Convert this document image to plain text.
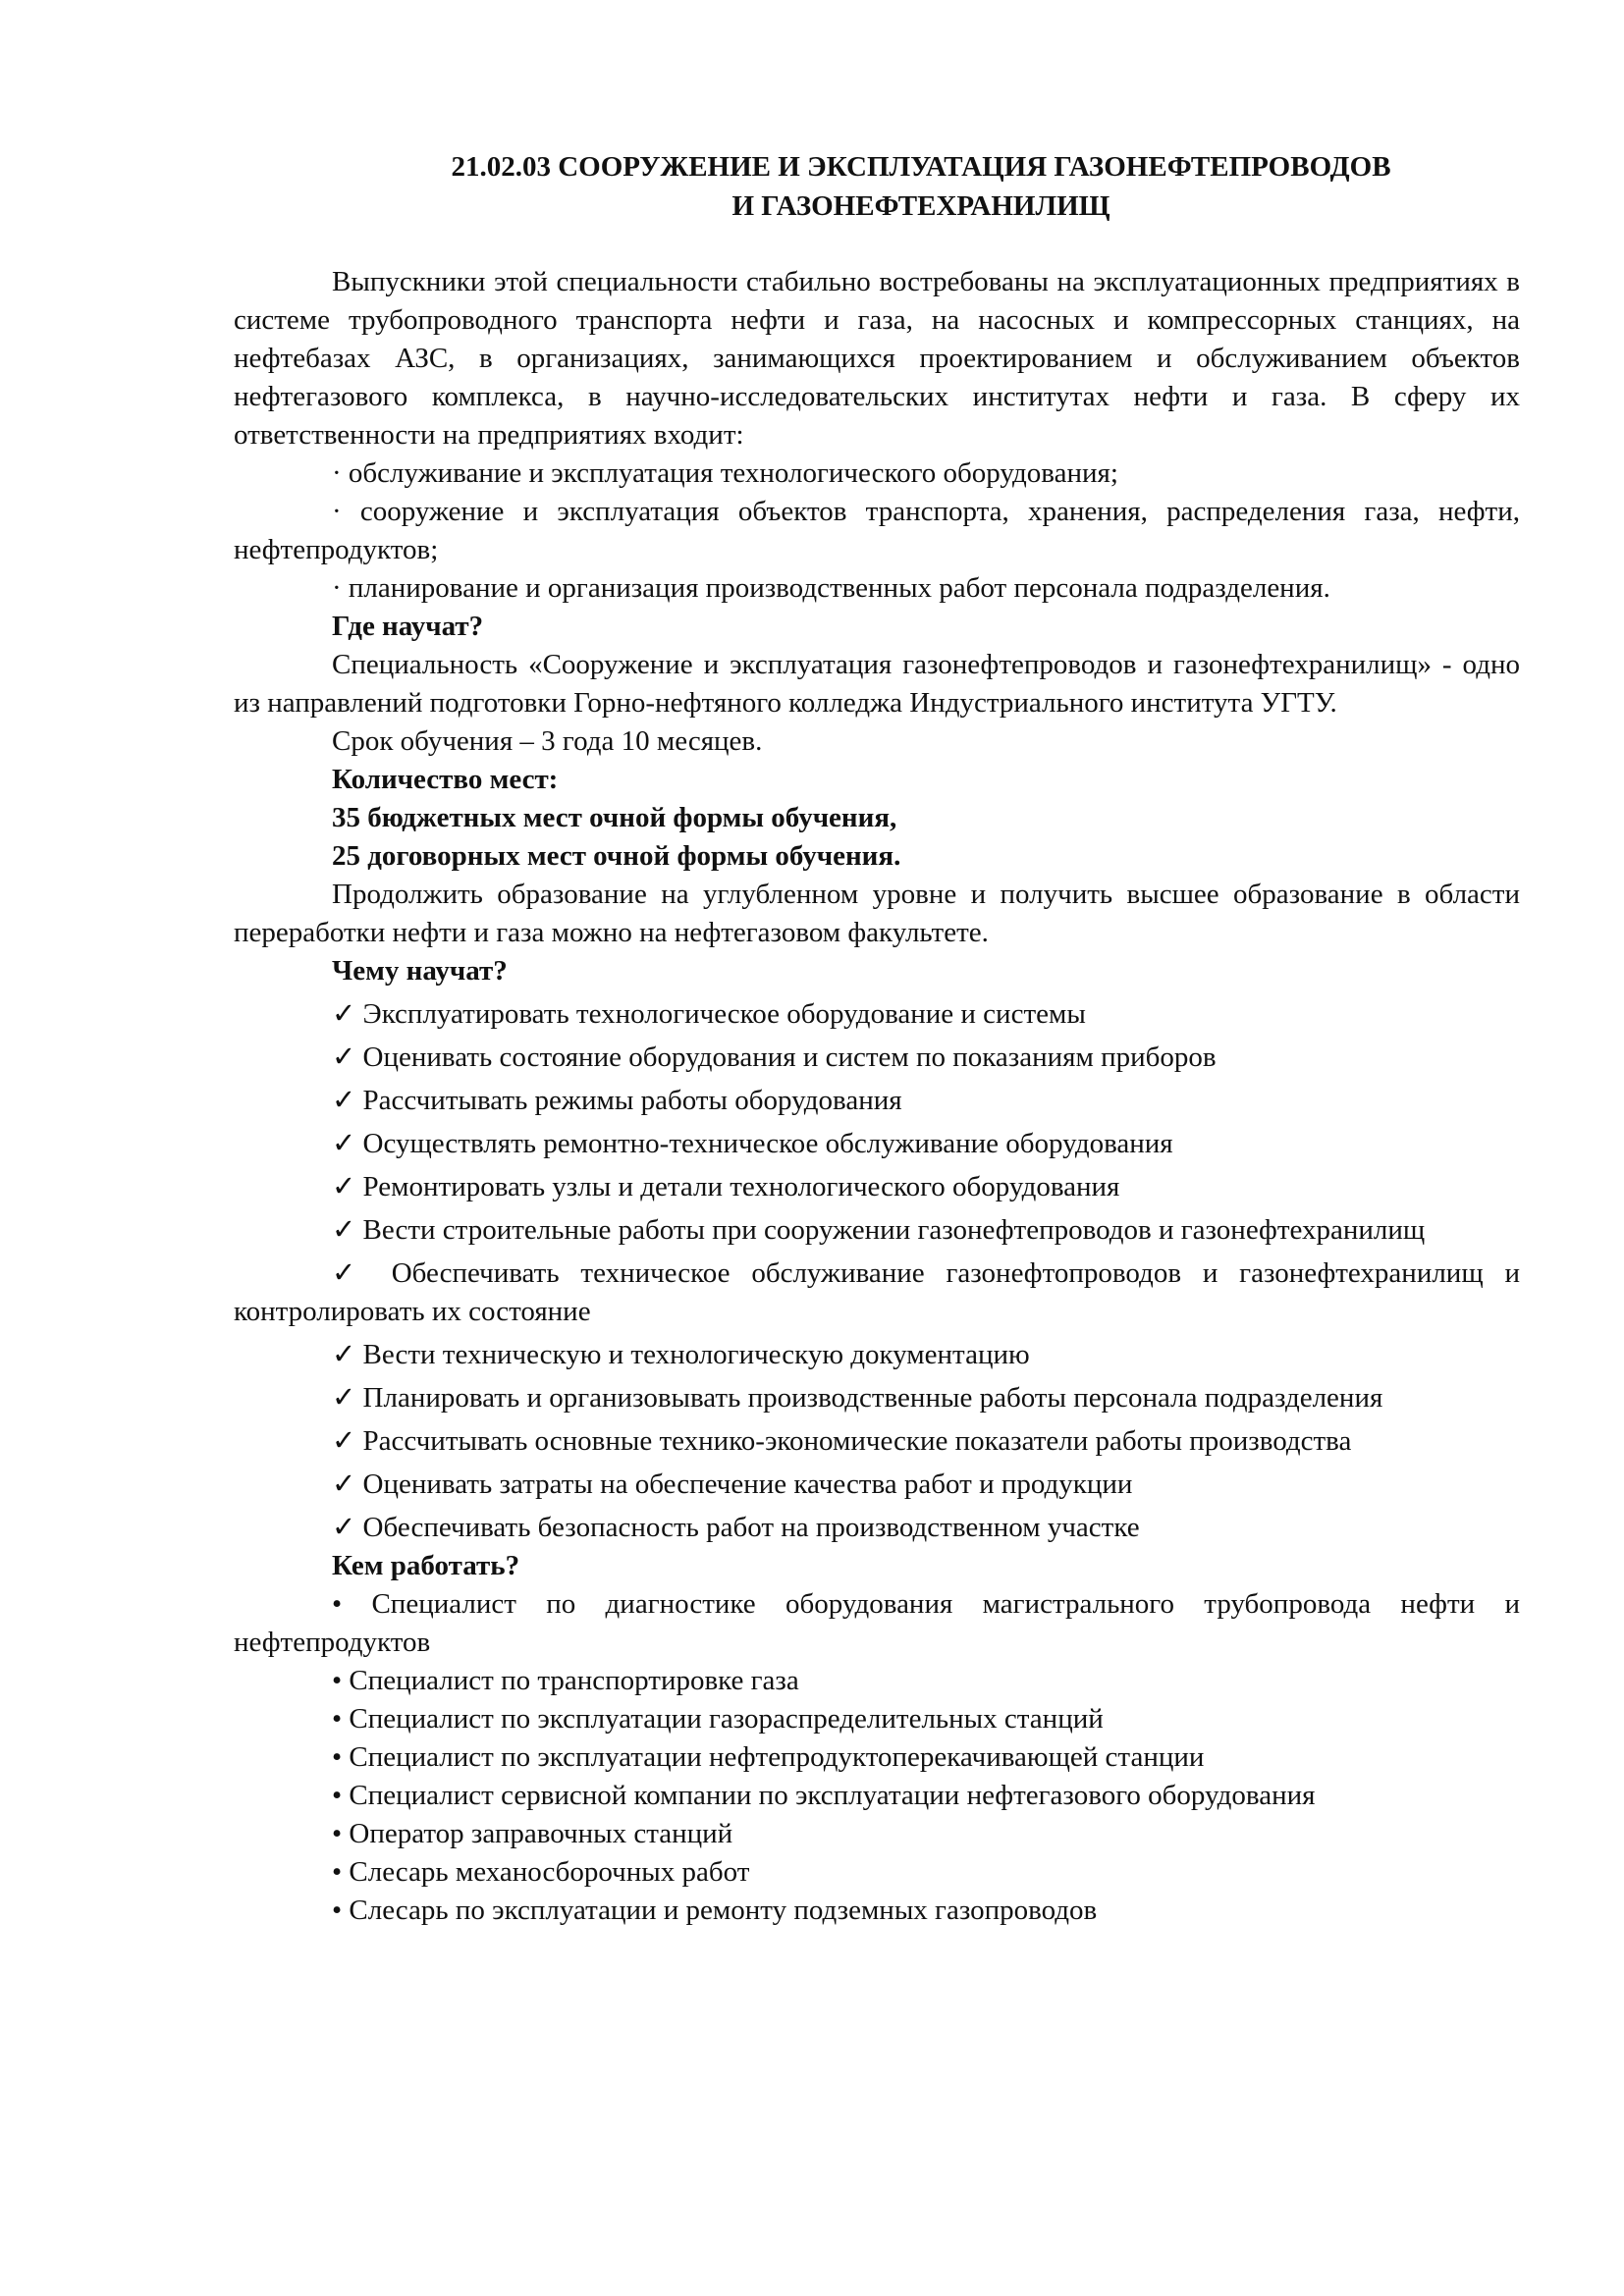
21.02.03 СООРУЖЕНИЕ И ЭКСПЛУАТАЦИЯ ГАЗОНЕФТЕПРОВОДОВ
И ГАЗОНЕФТЕХРАНИЛИЩ

Выпускники этой специальности стабильно востребованы на эксплуатационных предприятиях в системе трубопроводного транспорта нефти и газа, на насосных и компрессорных станциях, на нефтебазах АЗС, в организациях, занимающихся проектированием и обслуживанием объектов нефтегазового комплекса, в научно-исследовательских институтах нефти и газа. В сферу их ответственности на предприятиях входит:

· обслуживание и эксплуатация технологического оборудования;

· сооружение и эксплуатация объектов транспорта, хранения, распределения газа, нефти, нефтепродуктов;

· планирование и организация производственных работ персонала подразделения.

Где научат?

Специальность «Сооружение и эксплуатация газонефтепроводов и газонефтехранилищ» - одно из направлений подготовки Горно-нефтяного колледжа Индустриального института УГТУ.

Срок обучения – 3 года 10 месяцев.

Количество мест:

35 бюджетных мест очной формы обучения,

25 договорных мест очной формы обучения.

Продолжить образование на углубленном уровне и получить высшее образование в области переработки нефти и газа можно на нефтегазовом факультете.

Чему научат?

✓ Эксплуатировать технологическое оборудование и системы

✓ Оценивать состояние оборудования и систем по показаниям приборов

✓ Рассчитывать режимы работы оборудования

✓ Осуществлять ремонтно-техническое обслуживание оборудования

✓ Ремонтировать узлы и детали технологического оборудования

✓ Вести строительные работы при сооружении газонефтепроводов и газонефтехранилищ

✓ Обеспечивать техническое обслуживание газонефтопроводов и газонефтехранилищ и контролировать их состояние

✓ Вести техническую и технологическую документацию

✓ Планировать и организовывать производственные работы персонала подразделения

✓ Рассчитывать основные технико-экономические показатели работы производства

✓ Оценивать затраты на обеспечение качества работ и продукции

✓ Обеспечивать безопасность работ на производственном участке

Кем работать?

• Специалист по диагностике оборудования магистрального трубопровода нефти и нефтепродуктов

• Специалист по транспортировке газа

• Специалист по эксплуатации газораспределительных станций

• Специалист по эксплуатации нефтепродуктоперекачивающей станции

• Специалист сервисной компании по эксплуатации нефтегазового оборудования

• Оператор заправочных станций

• Слесарь механосборочных работ

• Слесарь по эксплуатации и ремонту подземных газопроводов
